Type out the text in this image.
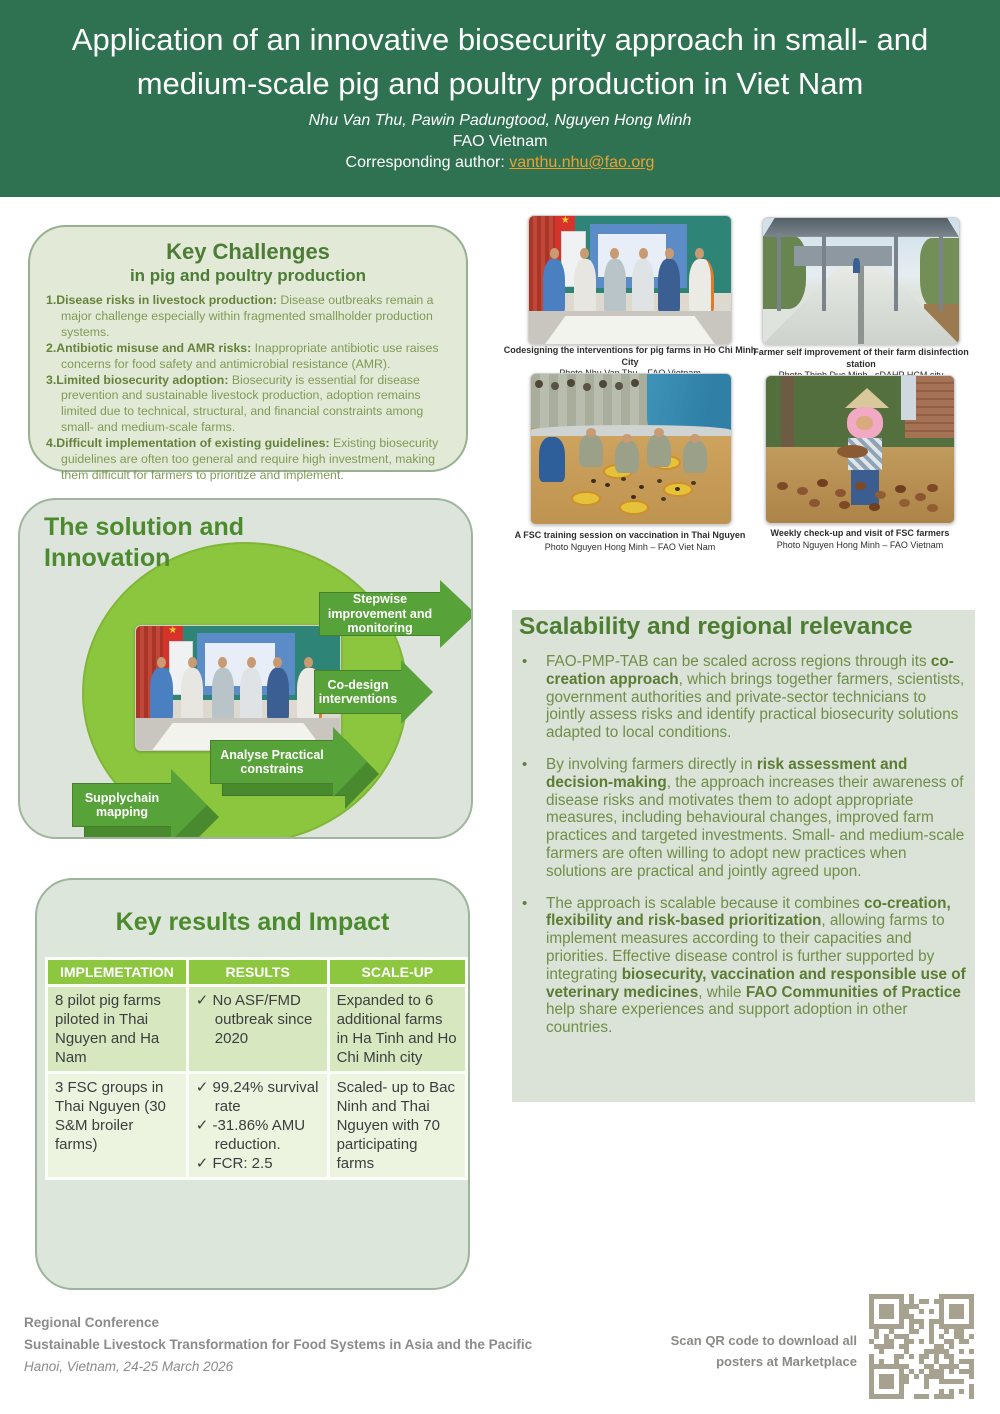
Application of an innovative biosecurity approach in small- and
medium-scale pig and poultry production in Viet Nam
Nhu Van Thu, Pawin Padungtood, Nguyen Hong Minh
FAO Vietnam
Corresponding author: vanthu.nhu@fao.org
Key Challenges
in pig and poultry production
1.Disease risks in livestock production: Disease outbreaks remain a major challenge especially within fragmented smallholder production systems.
2.Antibiotic misuse and AMR risks: Inappropriate antibiotic use raises concerns for food safety and antimicrobial resistance (AMR).
3.Limited biosecurity adoption: Biosecurity is essential for disease prevention and sustainable livestock production, adoption remains limited due to technical, structural, and financial constraints among small- and medium-scale farms.
4.Difficult implementation of existing guidelines: Existing biosecurity guidelines are often too general and require high investment, making them difficult for farmers to prioritize and implement.
The solution and
Innovation
★
Supplychain mapping
Analyse Practical constrains
Co-design interventions
Stepwise improvement and monitoring
Key results and Impact
IMPLEMETATION	RESULTS	SCALE-UP
8 pilot pig farms piloted in Thai Nguyen and Ha Nam	✓ No ASF/FMD outbreak since 2020	Expanded to 6 additional farms in Ha Tinh and Ho Chi Minh city
3 FSC groups in Thai Nguyen (30 S&M broiler farms)	✓ 99.24% survival rate
✓ -31.86% AMU reduction.
✓ FCR: 2.5	Scaled- up to Bac Ninh and Thai Nguyen with 70 participating farms
★
Codesigning the interventions for pig farms in Ho Chi Minh City
Farmer self improvement of their farm disinfection station
A FSC training session on vaccination in Thai Nguyen
Photo Nguyen Hong Minh – FAO Viet Nam
Weekly check-up and visit of FSC farmers
Photo Nguyen Hong Minh – FAO Vietnam
Scalability and regional relevance
•	FAO-PMP-TAB can be scaled across regions through its co-creation approach, which brings together farmers, scientists, government authorities and private-sector technicians to jointly assess risks and identify practical biosecurity solutions adapted to local conditions.
•	By involving farmers directly in risk assessment and decision-making, the approach increases their awareness of disease risks and motivates them to adopt appropriate measures, including behavioural changes, improved farm practices and targeted investments. Small- and medium-scale farmers are often willing to adopt new practices when solutions are practical and jointly agreed upon.
•	The approach is scalable because it combines co-creation, flexibility and risk-based prioritization, allowing farms to implement measures according to their capacities and priorities. Effective disease control is further supported by integrating biosecurity, vaccination and responsible use of veterinary medicines, while FAO Communities of Practice help share experiences and support adoption in other countries.
Regional Conference
Sustainable Livestock Transformation for Food Systems in Asia and the Pacific
Hanoi, Vietnam, 24-25 March 2026
Scan QR code to download all
posters at Marketplace
